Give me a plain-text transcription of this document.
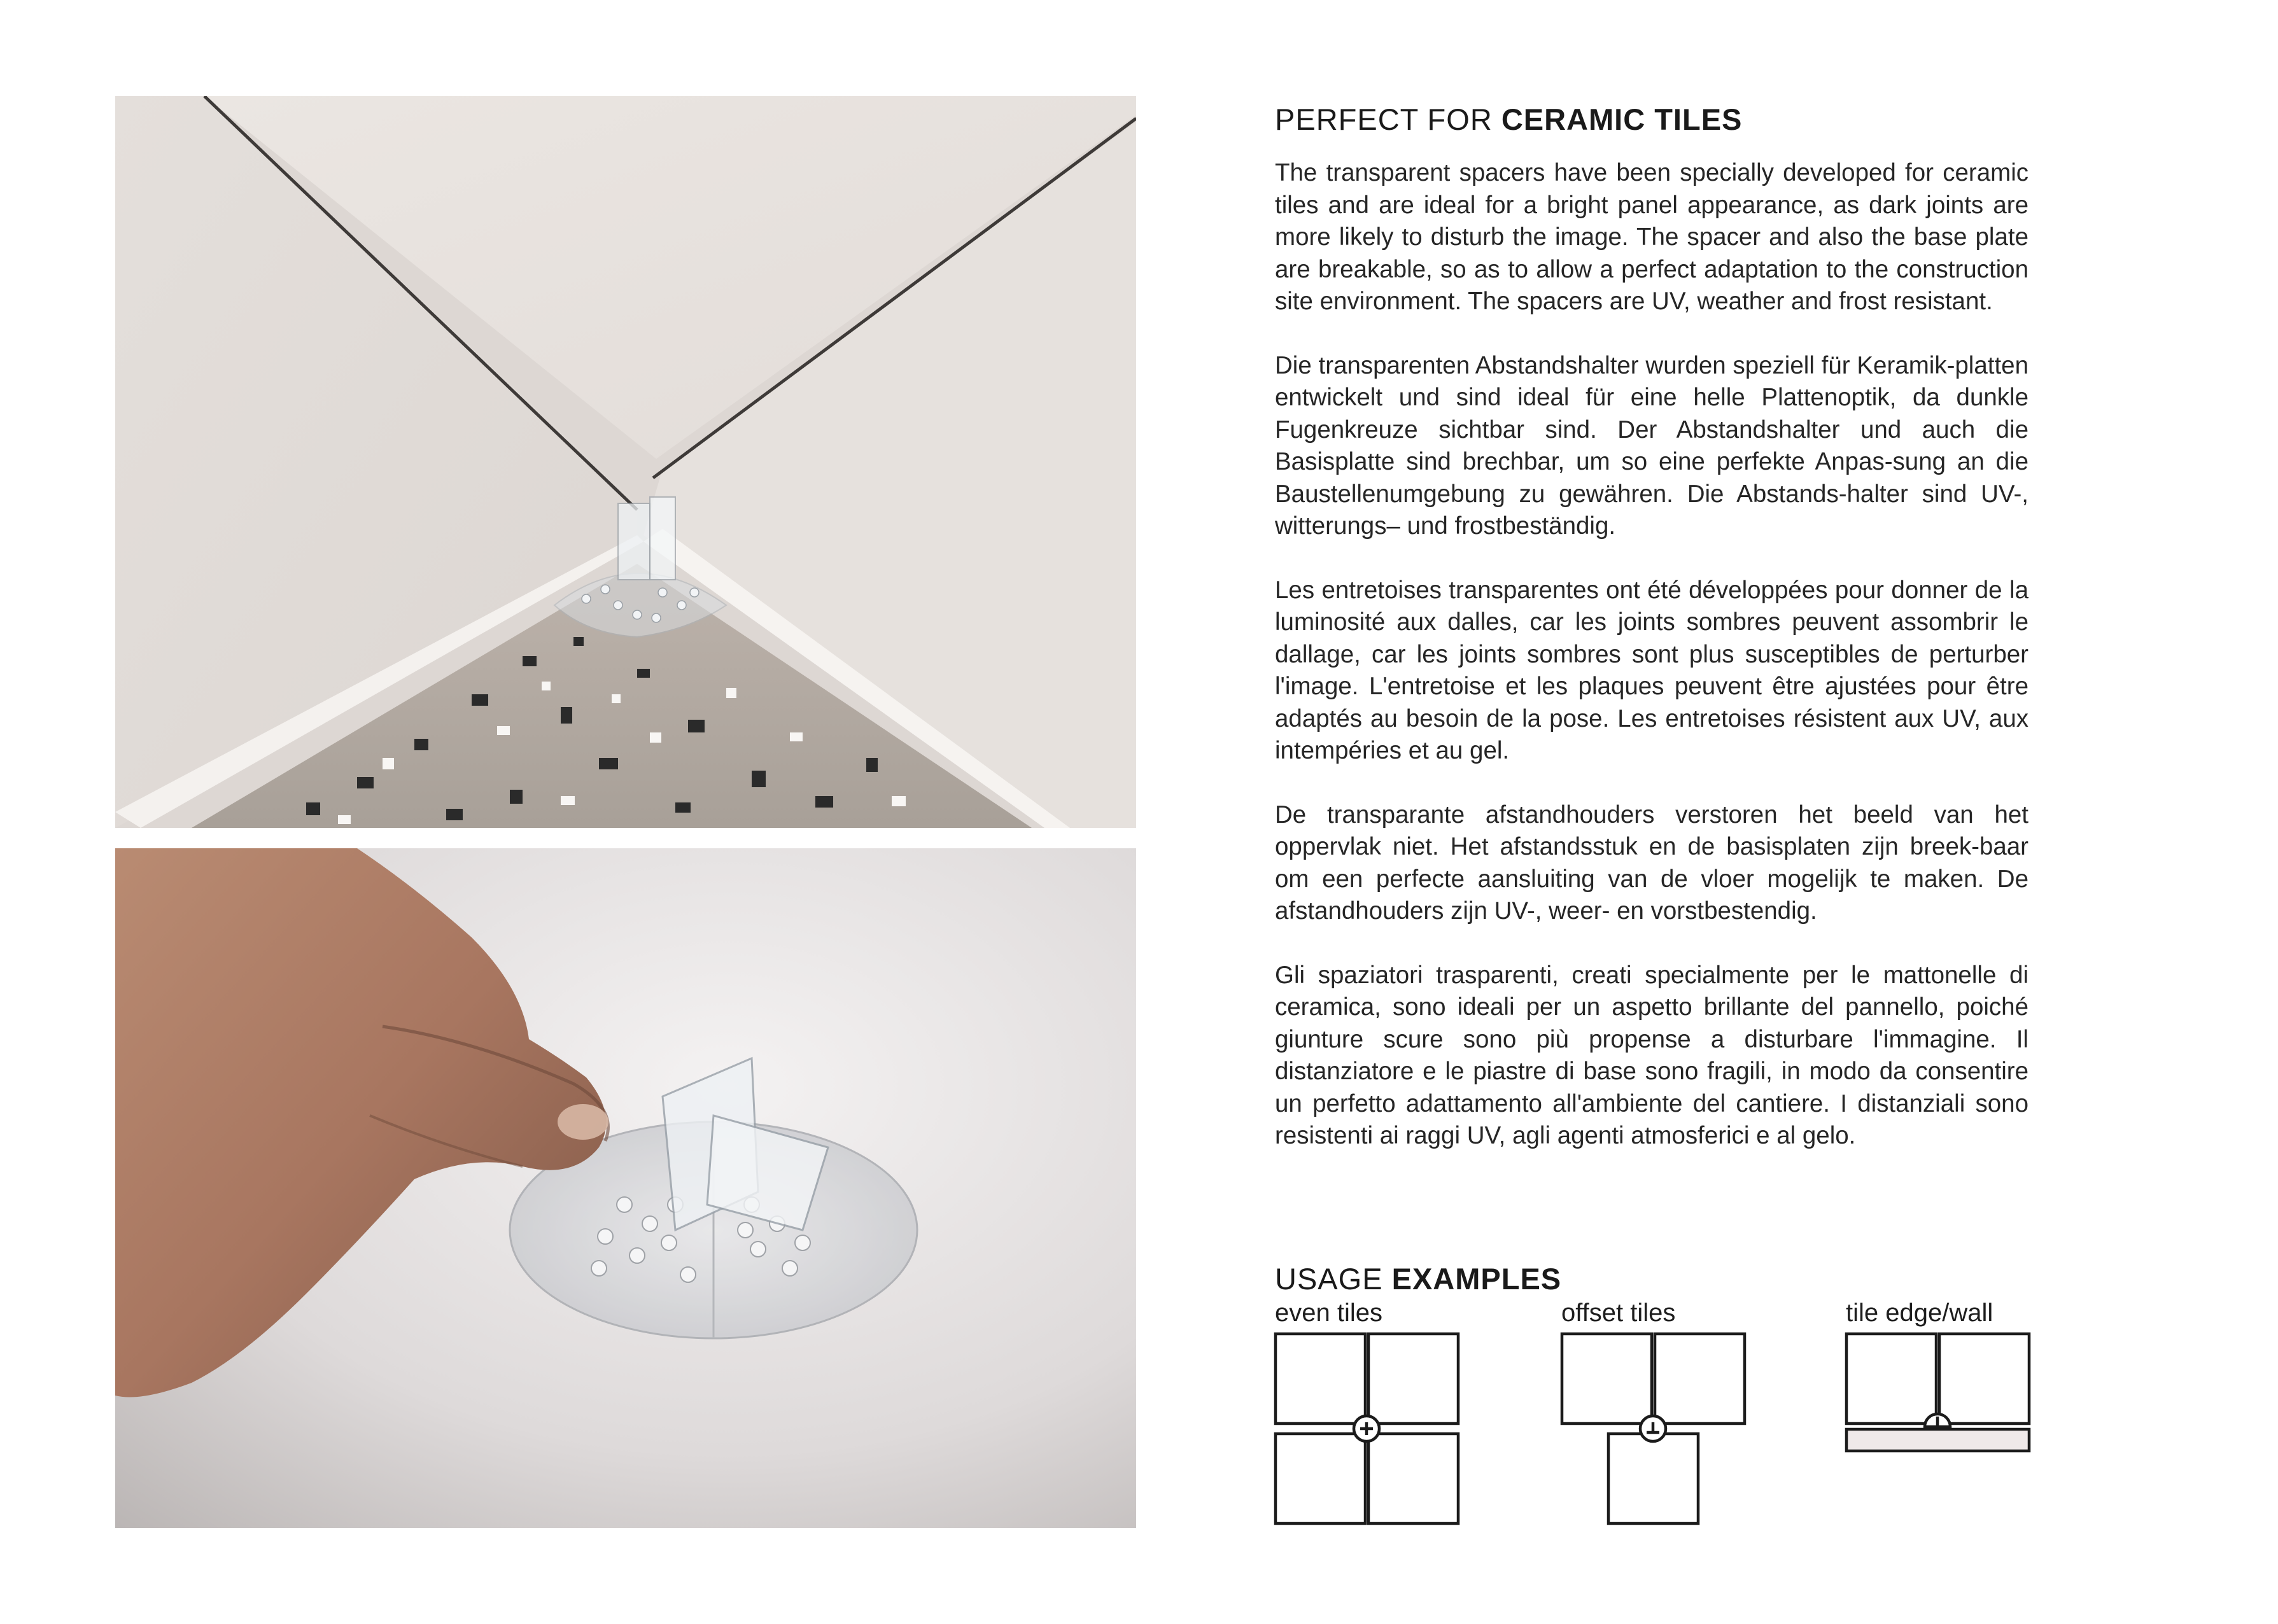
PERFECT FOR CERAMIC TILES

The transparent spacers have been specially developed for ceramic tiles and are ideal for a bright panel appearance, as dark joints are more likely to disturb the image. The spacer and also the base plate are breakable, so as to allow a perfect adaptation to the construction site environment. The spacers are UV, weather and frost resistant.

Die transparenten Abstandshalter wurden speziell für Keramik-platten entwickelt und sind ideal für eine helle Plattenoptik, da dunkle Fugenkreuze sichtbar sind. Der Abstandshalter und auch die Basisplatte sind brechbar, um so eine perfekte Anpas-sung an die Baustellenumgebung zu gewähren. Die Abstands-halter sind UV-, witterungs– und frostbeständig.

Les entretoises transparentes ont été développées pour donner de la luminosité aux dalles, car les joints sombres peuvent assombrir le dallage, car les joints sombres sont plus susceptibles de perturber l'image. L'entretoise et les plaques peuvent être ajustées pour être adaptés au besoin de la pose. Les entretoises résistent aux UV, aux intempéries et au gel.

De transparante afstandhouders verstoren het beeld van het oppervlak niet. Het afstandsstuk en de basisplaten zijn breek-baar om een perfecte aansluiting van de vloer mogelijk te maken. De afstandhouders zijn UV-, weer- en vorstbestendig.

Gli spaziatori trasparenti, creati specialmente per le mattonelle di ceramica, sono ideali per un aspetto brillante del pannello, poiché giunture scure sono più propense a disturbare l'immagine. Il distanziatore e le piastre di base sono fragili, in modo da consentire un perfetto adattamento all'ambiente del cantiere. I distanziali sono resistenti ai raggi UV, agli agenti atmosferici e al gelo.

USAGE EXAMPLES
even tiles	offset tiles	tile edge/wall
